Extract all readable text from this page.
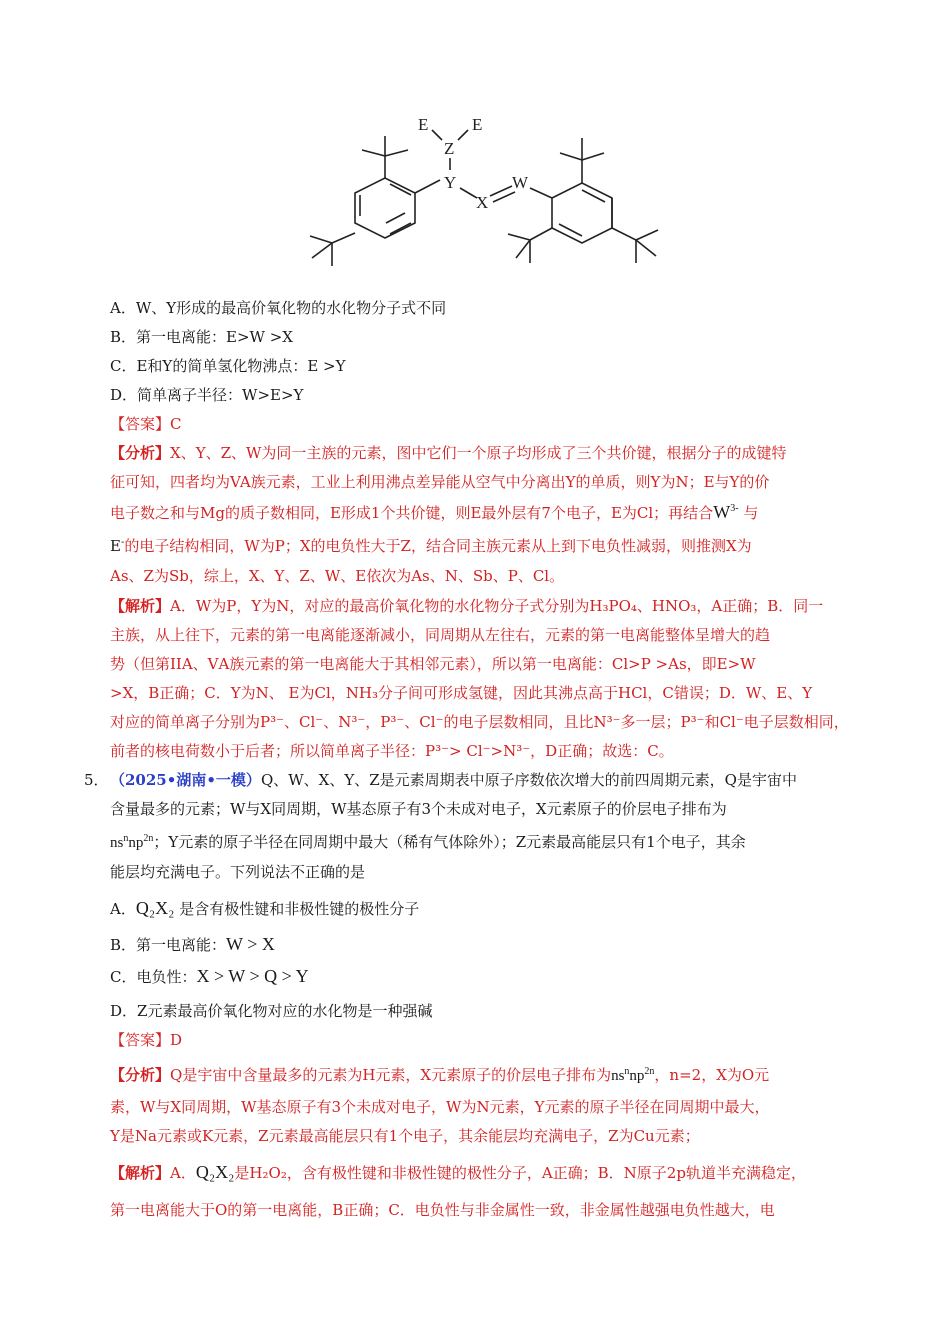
E	E
Z
Y
X
W
A．W、Y形成的最高价氧化物的水化物分子式不同
B．第一电离能：E>W >X
C．E和Y的简单氢化物沸点：E >Y
D．简单离子半径：W>E>Y
【答案】C
【分析】X、Y、Z、W为同一主族的元素，图中它们一个原子均形成了三个共价键，根据分子的成键特
征可知，四者均为VA族元素，工业上利用沸点差异能从空气中分离出Y的单质，则Y为N；E与Y的价
电子数之和与Mg的质子数相同，E形成1个共价键，则E最外层有7个电子，E为Cl；再结合$W^{3-}$ 与
E-的电子结构相同，W为P；X的电负性大于Z，结合同主族元素从上到下电负性减弱，则推测X为
As、Z为Sb，综上，X、Y、Z、W、E依次为As、N、Sb、P、Cl。
【解析】A．W为P，Y为N，对应的最高价氧化物的水化物分子式分别为H₃PO₄、HNO₃，A正确；B．同一
主族，从上往下，元素的第一电离能逐渐减小，同周期从左往右，元素的第一电离能整体呈增大的趋
势（但第IIA、ⅤA族元素的第一电离能大于其相邻元素），所以第一电离能：Cl>P >As，即E>W
>X，B正确；C．Y为N、 E为Cl，NH₃分子间可形成氢键，因此其沸点高于HCl，C错误；D．W、E、Y
对应的简单离子分别为P³⁻、Cl⁻、N³⁻，P³⁻、Cl⁻的电子层数相同，且比N³⁻多一层；P³⁻和Cl⁻电子层数相同，
前者的核电荷数小于后者；所以简单离子半径：P³⁻> Cl⁻>N³⁻，D正确；故选：C。
5． （2025•湖南•一模）Q、W、X、Y、Z是元素周期表中原子序数依次增大的前四周期元素，Q是宇宙中
含量最多的元素；W与X同周期，W基态原子有3个未成对电子，X元素原子的价层电子排布为
$ns^nnp^{2n}$；Y元素的原子半径在同周期中最大（稀有气体除外）；Z元素最高能层只有1个电子，其余
能层均充满电子。下列说法不正确的是
A．Q₂X₂ 是含有极性键和非极性键的极性分子
B．第一电离能：W > X
C．电负性：X > W > Q > Y
D．Z元素最高价氧化物对应的水化物是一种强碱
【答案】D
【分析】Q是宇宙中含量最多的元素为H元素，X元素原子的价层电子排布为$ns^nnp^{2n}$，n=2，X为O元
素，W与X同周期，W基态原子有3个未成对电子，W为N元素，Y元素的原子半径在同周期中最大，
Y是Na元素或K元素，Z元素最高能层只有1个电子，其余能层均充满电子，Z为Cu元素；
【解析】A．Q₂X₂是H₂O₂，含有极性键和非极性键的极性分子，A正确；B．N原子2p轨道半充满稳定，
第一电离能大于O的第一电离能，B正确；C．电负性与非金属性一致，非金属性越强电负性越大，电
